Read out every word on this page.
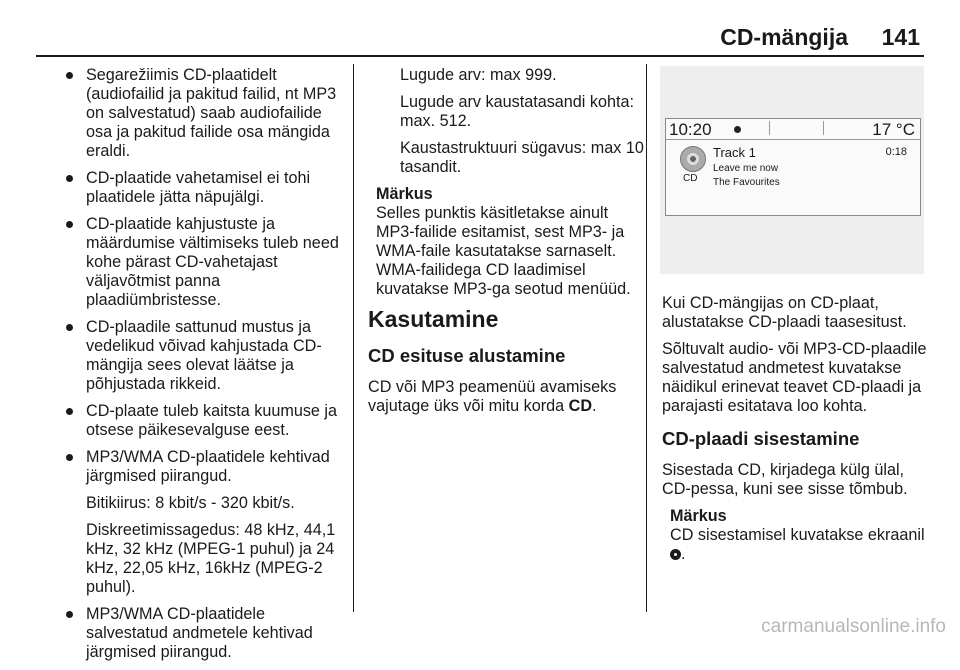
CD-mängija 141
Segarežiimis CD-plaatidelt (audiofailid ja pakitud failid, nt MP3 on salvestatud) saab audiofailide osa ja pakitud failide osa mängida eraldi.
CD-plaatide vahetamisel ei tohi plaatidele jätta näpujälgi.
CD-plaatide kahjustuste ja määrdumise vältimiseks tuleb need kohe pärast CD-vahetajast väljavõtmist panna plaadiümbristesse.
CD-plaadile sattunud mustus ja vedelikud võivad kahjustada CD-mängija sees olevat läätse ja põhjustada rikkeid.
CD-plaate tuleb kaitsta kuumuse ja otsese päikesevalguse eest.
MP3/WMA CD-plaatidele kehtivad järgmised piirangud.
Bitikiirus: 8 kbit/s - 320 kbit/s.
Diskreetimissagedus: 48 kHz, 44,1 kHz, 32 kHz (MPEG-1 puhul) ja 24 kHz, 22,05 kHz, 16kHz (MPEG-2 puhul).
MP3/WMA CD-plaatidele salvestatud andmetele kehtivad järgmised piirangud.
Lugude arv: max 999.
Lugude arv kaustatasandi kohta: max. 512.
Kaustastruktuuri sügavus: max 10 tasandit.
Märkus
Selles punktis käsitletakse ainult MP3-failide esitamist, sest MP3- ja WMA-faile kasutatakse sarnaselt. WMA-failidega CD laadimisel kuvatakse MP3-ga seotud menüüd.
Kasutamine
CD esituse alustamine
CD või MP3 peamenüü avamiseks vajutage üks või mitu korda CD.
10:20	17 °C
CD
Track 1	0:18
Leave me now
The Favourites
Kui CD-mängijas on CD-plaat, alustatakse CD-plaadi taasesitust.
Sõltuvalt audio- või MP3-CD-plaadile salvestatud andmetest kuvatakse näidikul erinevat teavet CD-plaadi ja parajasti esitatava loo kohta.
CD-plaadi sisestamine
Sisestada CD, kirjadega külg ülal, CD-pessa, kuni see sisse tõmbub.
Märkus
CD sisestamisel kuvatakse ekraanil
.
carmanualsonline.info
